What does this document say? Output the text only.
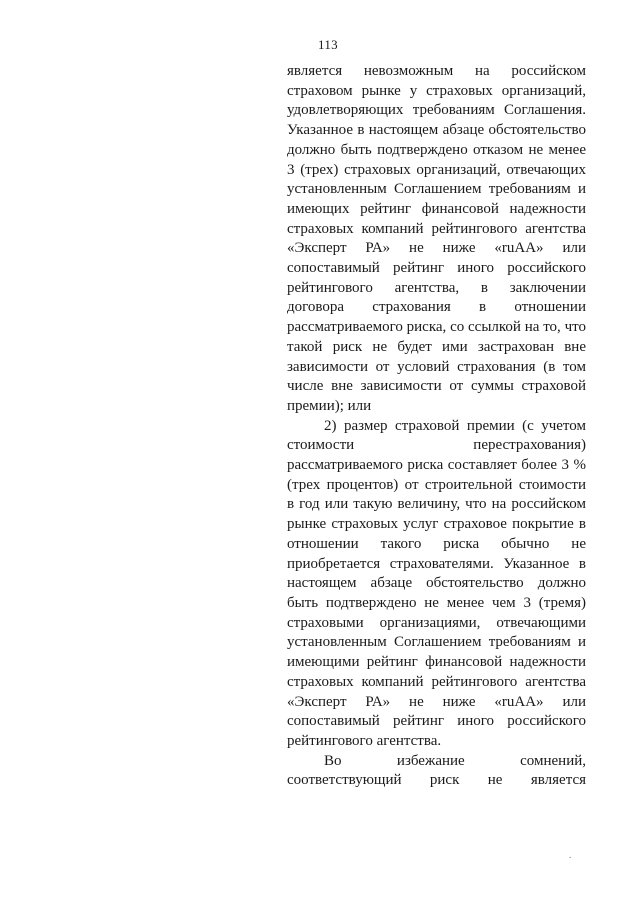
113

является невозможным на российском страховом рынке у страховых организаций, удовлетворяющих требованиям Соглашения. Указанное в настоящем абзаце обстоятельство должно быть подтверждено отказом не менее 3 (трех) страховых организаций, отвечающих установленным Соглашением требованиям и имеющих рейтинг финансовой надежности страховых компаний рейтингового агентства «Эксперт РА» не ниже «ruAA» или сопоставимый рейтинг иного российского рейтингового агентства, в заключении договора страхования в отношении рассматриваемого риска, со ссылкой на то, что такой риск не будет ими застрахован вне зависимости от условий страхования (в том числе вне зависимости от суммы страховой премии); или

2) размер страховой премии (с учетом стоимости перестрахования) рассматриваемого риска составляет более 3 % (трех процентов) от строительной стоимости в год или такую величину, что на российском рынке страховых услуг страховое покрытие в отношении такого риска обычно не приобретается страхователями. Указанное в настоящем абзаце обстоятельство должно быть подтверждено не менее чем 3 (тремя) страховыми организациями, отвечающими установленным Соглашением требованиям и имеющими рейтинг финансовой надежности страховых компаний рейтингового агентства «Эксперт РА» не ниже «ruAA» или сопоставимый рейтинг иного российского рейтингового агентства.

Во избежание сомнений, соответствующий риск не является

.
